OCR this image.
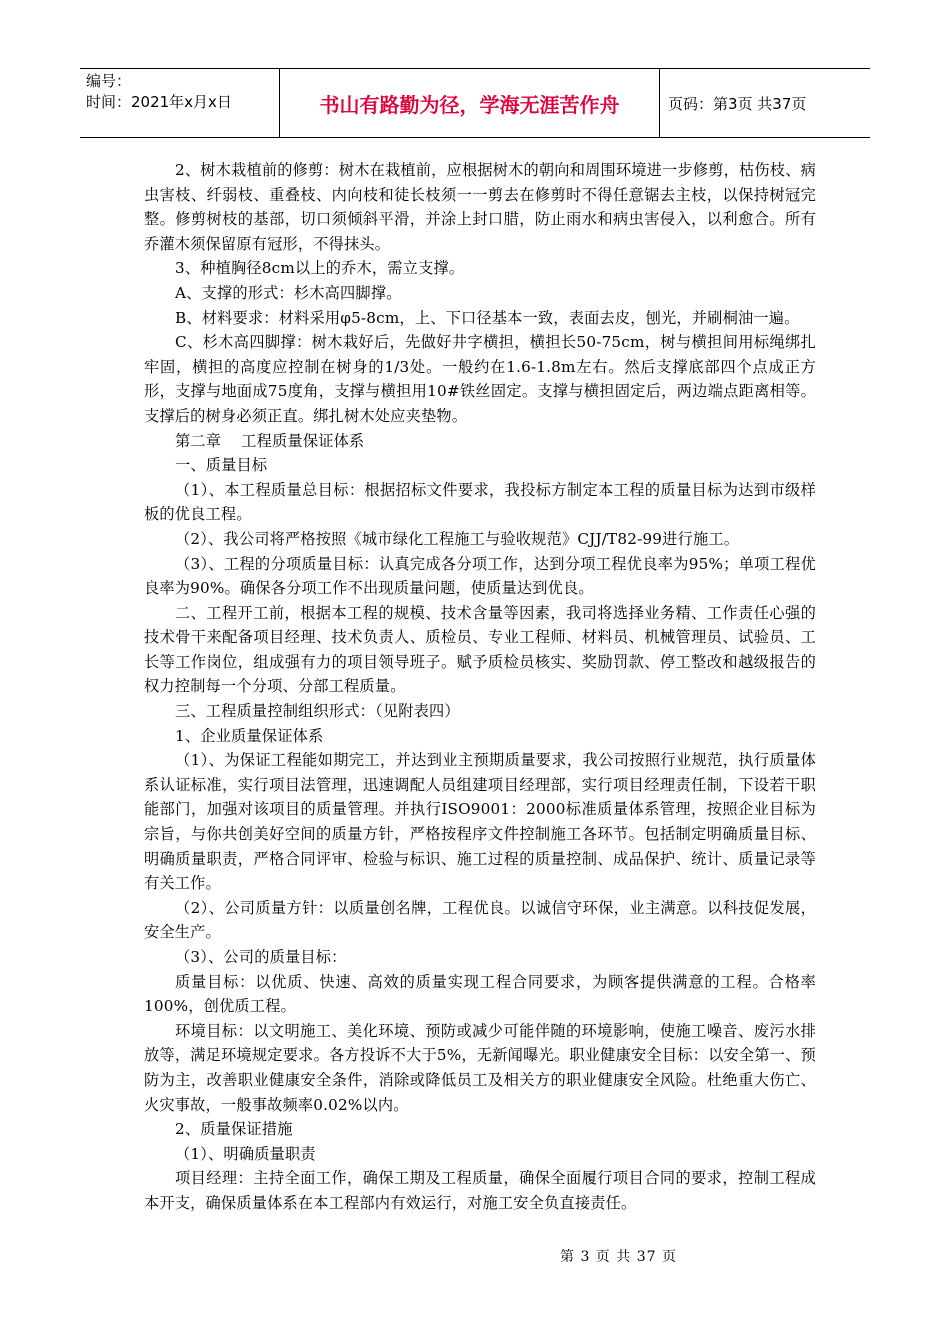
编号：
时间：2021年x月x日	书山有路勤为径，学海无涯苦作舟	页码：第3页 共37页

2、树木栽植前的修剪：树木在栽植前，应根据树木的朝向和周围环境进一步修剪，枯伤枝、病虫害枝、纤弱枝、重叠枝、内向枝和徒长枝须一一剪去在修剪时不得任意锯去主枝，以保持树冠完整。修剪树枝的基部，切口须倾斜平滑，并涂上封口腊，防止雨水和病虫害侵入，以利愈合。所有乔灌木须保留原有冠形，不得抹头。

3、种植胸径8cm以上的乔木，需立支撑。

A、支撑的形式：杉木高四脚撑。

B、材料要求：材料采用φ5-8cm，上、下口径基本一致，表面去皮，刨光，并刷桐油一遍。

C、杉木高四脚撑：树木栽好后，先做好井字横担，横担长50-75cm，树与横担间用标绳绑扎牢固，横担的高度应控制在树身的1/3处。一般约在1.6-1.8m左右。然后支撑底部四个点成正方形，支撑与地面成75度角，支撑与横担用10#铁丝固定。支撑与横担固定后，两边端点距离相等。支撑后的树身必须正直。绑扎树木处应夹垫物。

第二章    工程质量保证体系

一、质量目标

（1）、本工程质量总目标：根据招标文件要求，我投标方制定本工程的质量目标为达到市级样板的优良工程。

（2）、我公司将严格按照《城市绿化工程施工与验收规范》CJJ/T82-99进行施工。

（3）、工程的分项质量目标：认真完成各分项工作，达到分项工程优良率为95%；单项工程优良率为90%。确保各分项工作不出现质量问题，使质量达到优良。

二、工程开工前，根据本工程的规模、技术含量等因素，我司将选择业务精、工作责任心强的技术骨干来配备项目经理、技术负责人、质检员、专业工程师、材料员、机械管理员、试验员、工长等工作岗位，组成强有力的项目领导班子。赋予质检员核实、奖励罚款、停工整改和越级报告的权力控制每一个分项、分部工程质量。

三、工程质量控制组织形式：（见附表四）

1、企业质量保证体系

（1）、为保证工程能如期完工，并达到业主预期质量要求，我公司按照行业规范，执行质量体系认证标准，实行项目法管理，迅速调配人员组建项目经理部，实行项目经理责任制，下设若干职能部门，加强对该项目的质量管理。并执行ISO9001：2000标准质量体系管理，按照企业目标为宗旨，与你共创美好空间的质量方针，严格按程序文件控制施工各环节。包括制定明确质量目标、明确质量职责，严格合同评审、检验与标识、施工过程的质量控制、成品保护、统计、质量记录等有关工作。

（2）、公司质量方针：以质量创名牌，工程优良。以诚信守环保，业主满意。以科技促发展，安全生产。

（3）、公司的质量目标：

质量目标：以优质、快速、高效的质量实现工程合同要求，为顾客提供满意的工程。合格率100%，创优质工程。

环境目标：以文明施工、美化环境、预防或减少可能伴随的环境影响，使施工噪音、废污水排放等，满足环境规定要求。各方投诉不大于5%，无新闻曝光。职业健康安全目标：以安全第一、预防为主，改善职业健康安全条件，消除或降低员工及相关方的职业健康安全风险。杜绝重大伤亡、火灾事故，一般事故频率0.02%以内。

2、质量保证措施

（1）、明确质量职责

项目经理：主持全面工作，确保工期及工程质量，确保全面履行项目合同的要求，控制工程成本开支，确保质量体系在本工程部内有效运行，对施工安全负直接责任。

第 3 页 共 37 页
